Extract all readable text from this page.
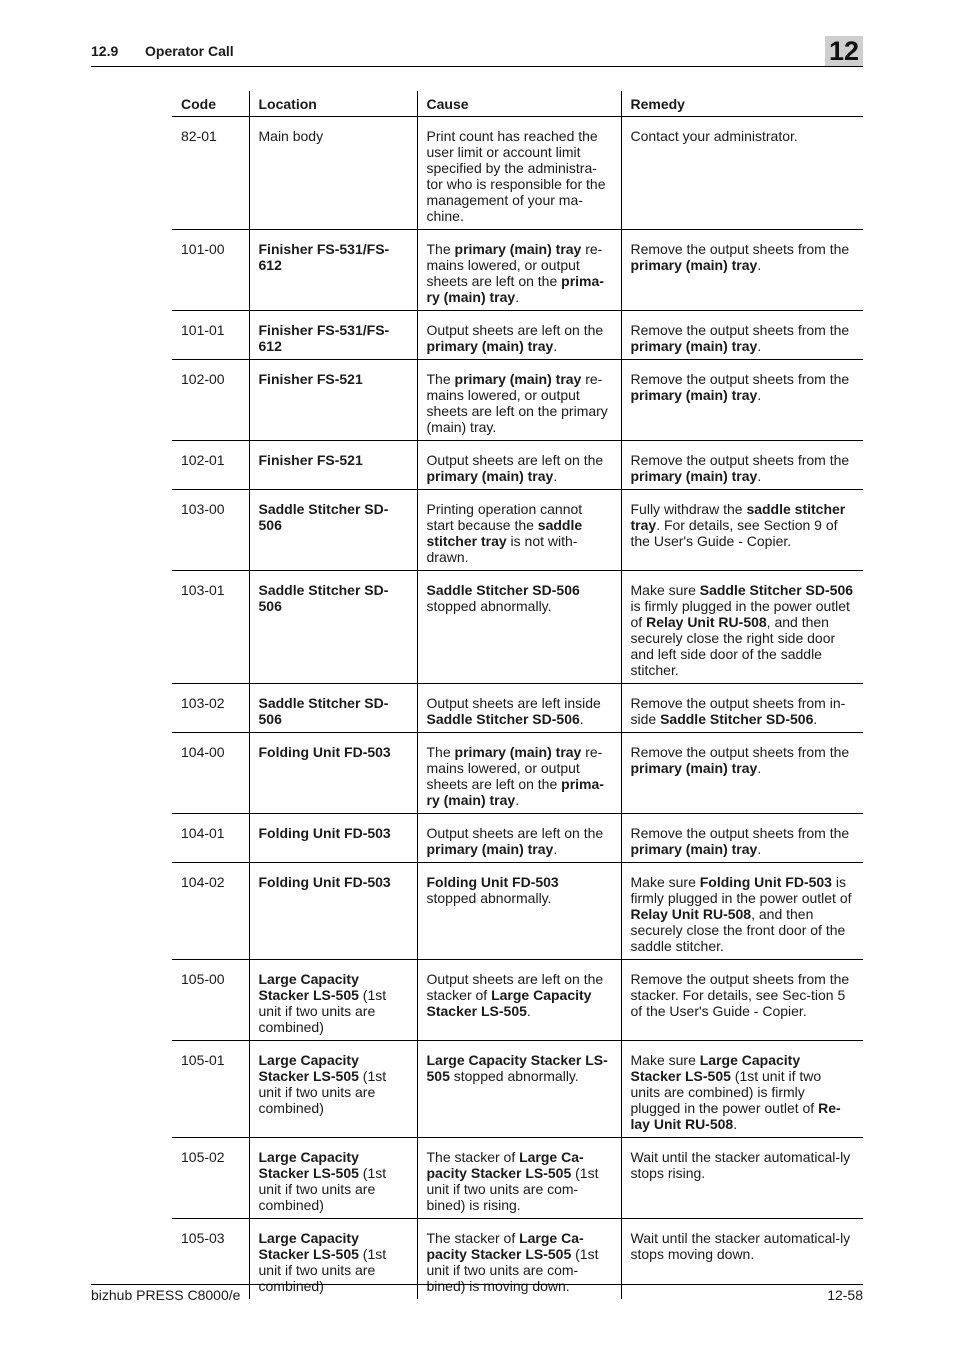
12.9 Operator Call	12
Code	Location	Cause	Remedy
82-01	Main body	Print count has reached the user limit or account limit specified by the administra-tor who is responsible for the management of your ma-chine.	Contact your administrator.
101-00	Finisher FS-531/FS-612	The primary (main) tray re-mains lowered, or output sheets are left on the prima-ry (main) tray.	Remove the output sheets from the primary (main) tray.
101-01	Finisher FS-531/FS-612	Output sheets are left on the primary (main) tray.	Remove the output sheets from the primary (main) tray.
102-00	Finisher FS-521	The primary (main) tray re-mains lowered, or output sheets are left on the primary (main) tray.	Remove the output sheets from the primary (main) tray.
102-01	Finisher FS-521	Output sheets are left on the primary (main) tray.	Remove the output sheets from the primary (main) tray.
103-00	Saddle Stitcher SD-506	Printing operation cannot start because the saddle stitcher tray is not with-drawn.	Fully withdraw the saddle stitcher tray. For details, see Section 9 of the User's Guide - Copier.
103-01	Saddle Stitcher SD-506	Saddle Stitcher SD-506 stopped abnormally.	Make sure Saddle Stitcher SD-506 is firmly plugged in the power outlet of Relay Unit RU-508, and then securely close the right side door and left side door of the saddle stitcher.
103-02	Saddle Stitcher SD-506	Output sheets are left inside Saddle Stitcher SD-506.	Remove the output sheets from in-side Saddle Stitcher SD-506.
104-00	Folding Unit FD-503	The primary (main) tray re-mains lowered, or output sheets are left on the prima-ry (main) tray.	Remove the output sheets from the primary (main) tray.
104-01	Folding Unit FD-503	Output sheets are left on the primary (main) tray.	Remove the output sheets from the primary (main) tray.
104-02	Folding Unit FD-503	Folding Unit FD-503 stopped abnormally.	Make sure Folding Unit FD-503 is firmly plugged in the power outlet of Relay Unit RU-508, and then securely close the front door of the saddle stitcher.
105-00	Large Capacity Stacker LS-505 (1st unit if two units are combined)	Output sheets are left on the stacker of Large Capacity Stacker LS-505.	Remove the output sheets from the stacker. For details, see Sec-tion 5 of the User's Guide - Copier.
105-01	Large Capacity Stacker LS-505 (1st unit if two units are combined)	Large Capacity Stacker LS-505 stopped abnormally.	Make sure Large Capacity Stacker LS-505 (1st unit if two units are combined) is firmly plugged in the power outlet of Re-lay Unit RU-508.
105-02	Large Capacity Stacker LS-505 (1st unit if two units are combined)	The stacker of Large Ca-pacity Stacker LS-505 (1st unit if two units are com-bined) is rising.	Wait until the stacker automatical-ly stops rising.
105-03	Large Capacity Stacker LS-505 (1st unit if two units are combined)	The stacker of Large Ca-pacity Stacker LS-505 (1st unit if two units are com-bined) is moving down.	Wait until the stacker automatical-ly stops moving down.
bizhub PRESS C8000/e	12-58
